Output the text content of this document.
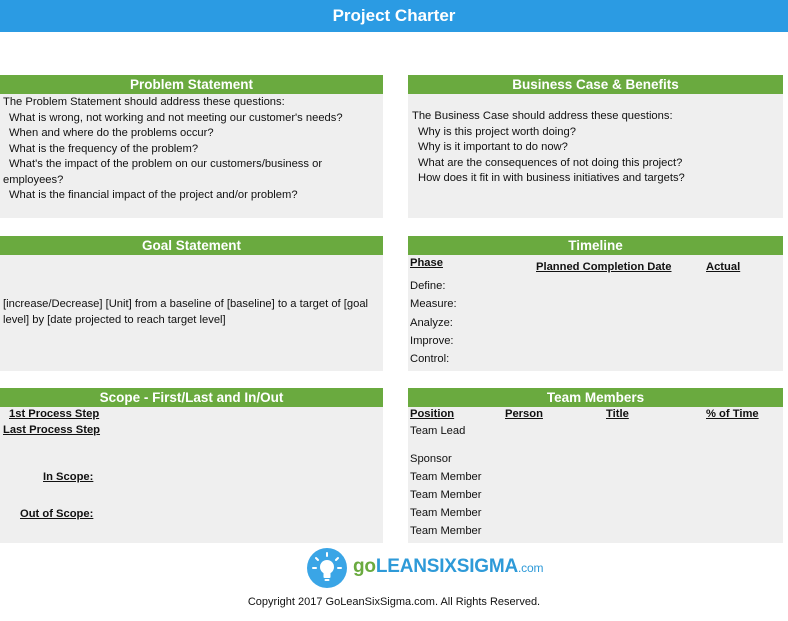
Project Charter
Problem Statement
The Problem Statement should address these questions:
What is wrong, not working and not meeting our customer's needs?
When and where do the problems occur?
What is the frequency of the problem?
What's the impact of the problem on our customers/business or
employees?
What is the financial impact of the project and/or problem?
Business Case & Benefits
The Business Case should address these questions:
Why is this project worth doing?
Why is it important to do now?
What are the consequences of not doing this project?
How does it fit in with business initiatives and targets?
Goal Statement
[increase/Decrease] [Unit] from a baseline of [baseline] to a target of [goal
level] by [date projected to reach target level]
Timeline
Phase	Planned Completion Date	Actual
Define:
Measure:
Analyze:
Improve:
Control:
Scope - First/Last and In/Out
1st Process Step
Last Process Step
In Scope:
Out of Scope:
Team Members
Position	Person	Title	% of Time
Team Lead
Sponsor
Team Member
Team Member
Team Member
Team Member
goLEANSIXSIGMA.com
Copyright 2017 GoLeanSixSigma.com. All Rights Reserved.
